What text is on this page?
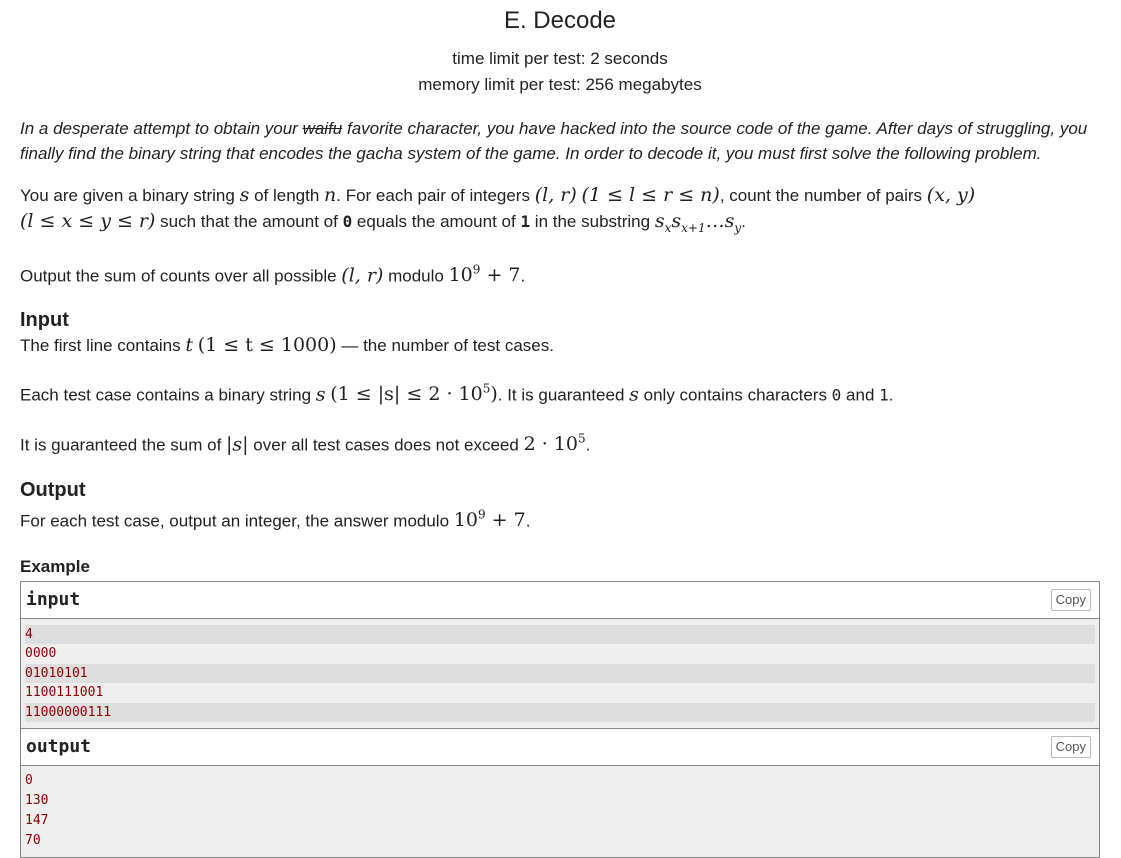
E. Decode
time limit per test: 2 seconds
memory limit per test: 256 megabytes

In a desperate attempt to obtain your waifu favorite character, you have hacked into the source code of the game. After days of struggling, you finally find the binary string that encodes the gacha system of the game. In order to decode it, you must first solve the following problem.

You are given a binary string s of length n. For each pair of integers (l, r) (1 ≤ l ≤ r ≤ n), count the number of pairs (x, y)
(l ≤ x ≤ y ≤ r) such that the amount of 0 equals the amount of 1 in the substring $s_xs_{x+1}\dots s_y$.

Output the sum of counts over all possible (l, r) modulo $10^9 + 7$.

Input

The first line contains t (1 ≤ t ≤ 1000) — the number of test cases.

Each test case contains a binary string s $(1 \le |s| \le 2 \cdot 10^5)$. It is guaranteed s only contains characters 0 and 1.

It is guaranteed the sum of |s| over all test cases does not exceed $2 \cdot 10^5$.

Output

For each test case, output an integer, the answer modulo $10^9 + 7$.

Example
input	Copy
4
0000
01010101
1100111001
11000000111
output	Copy
0
130
147
70
